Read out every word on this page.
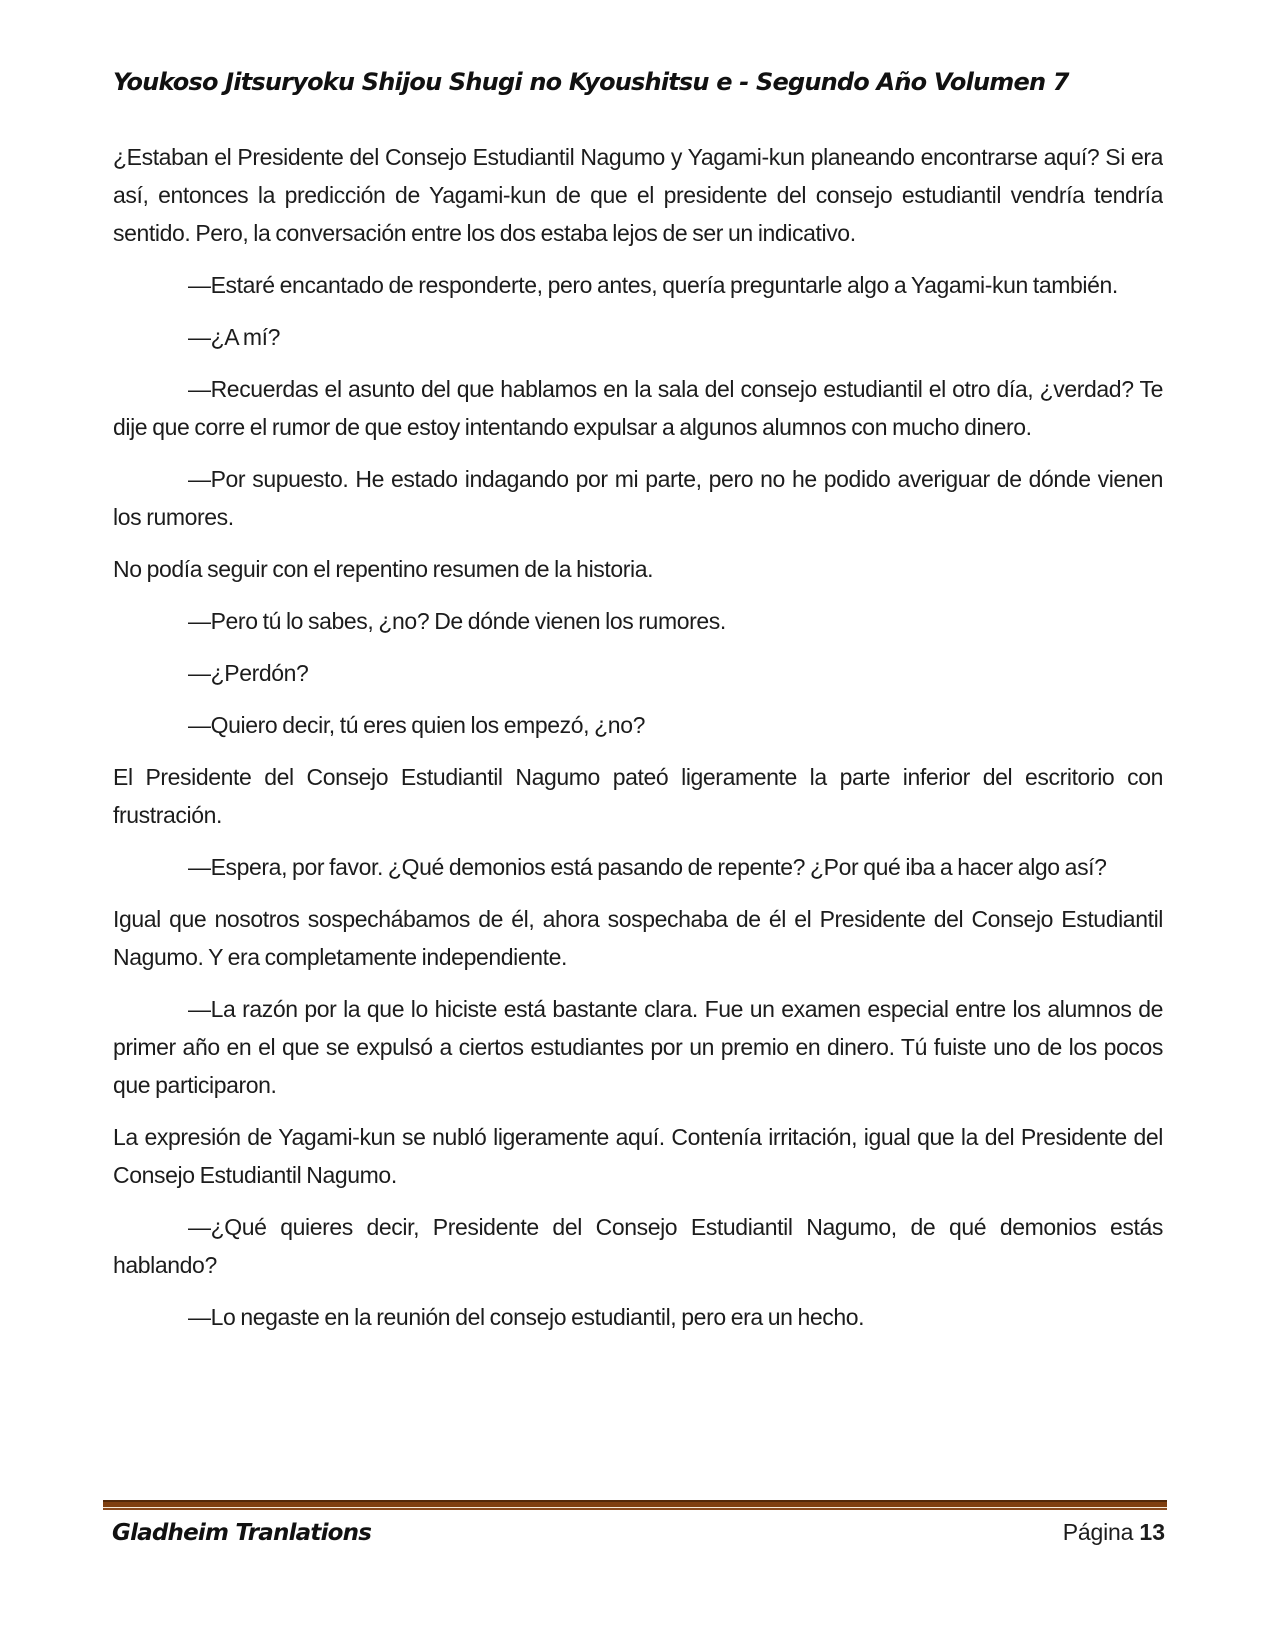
Youkoso Jitsuryoku Shijou Shugi no Kyoushitsu e - Segundo Año Volumen 7

¿Estaban el Presidente del Consejo Estudiantil Nagumo y Yagami-kun planeando encontrarse aquí? Si era así, entonces la predicción de Yagami-kun de que el presidente del consejo estudiantil vendría tendría sentido. Pero, la conversación entre los dos estaba lejos de ser un indicativo.

—Estaré encantado de responderte, pero antes, quería preguntarle algo a Yagami-kun también.

—¿A mí?

—Recuerdas el asunto del que hablamos en la sala del consejo estudiantil el otro día, ¿verdad? Te dije que corre el rumor de que estoy intentando expulsar a algunos alumnos con mucho dinero.

—Por supuesto. He estado indagando por mi parte, pero no he podido averiguar de dónde vienen los rumores.

No podía seguir con el repentino resumen de la historia.

—Pero tú lo sabes, ¿no? De dónde vienen los rumores.

—¿Perdón?

—Quiero decir, tú eres quien los empezó, ¿no?

El Presidente del Consejo Estudiantil Nagumo pateó ligeramente la parte inferior del escritorio con frustración.

—Espera, por favor. ¿Qué demonios está pasando de repente? ¿Por qué iba a hacer algo así?

Igual que nosotros sospechábamos de él, ahora sospechaba de él el Presidente del Consejo Estudiantil Nagumo. Y era completamente independiente.

—La razón por la que lo hiciste está bastante clara. Fue un examen especial entre los alumnos de primer año en el que se expulsó a ciertos estudiantes por un premio en dinero. Tú fuiste uno de los pocos que participaron.

La expresión de Yagami-kun se nubló ligeramente aquí. Contenía irritación, igual que la del Presidente del Consejo Estudiantil Nagumo.

—¿Qué quieres decir, Presidente del Consejo Estudiantil Nagumo, de qué demonios estás hablando?

—Lo negaste en la reunión del consejo estudiantil, pero era un hecho.

Gladheim Tranlations	Página 13
